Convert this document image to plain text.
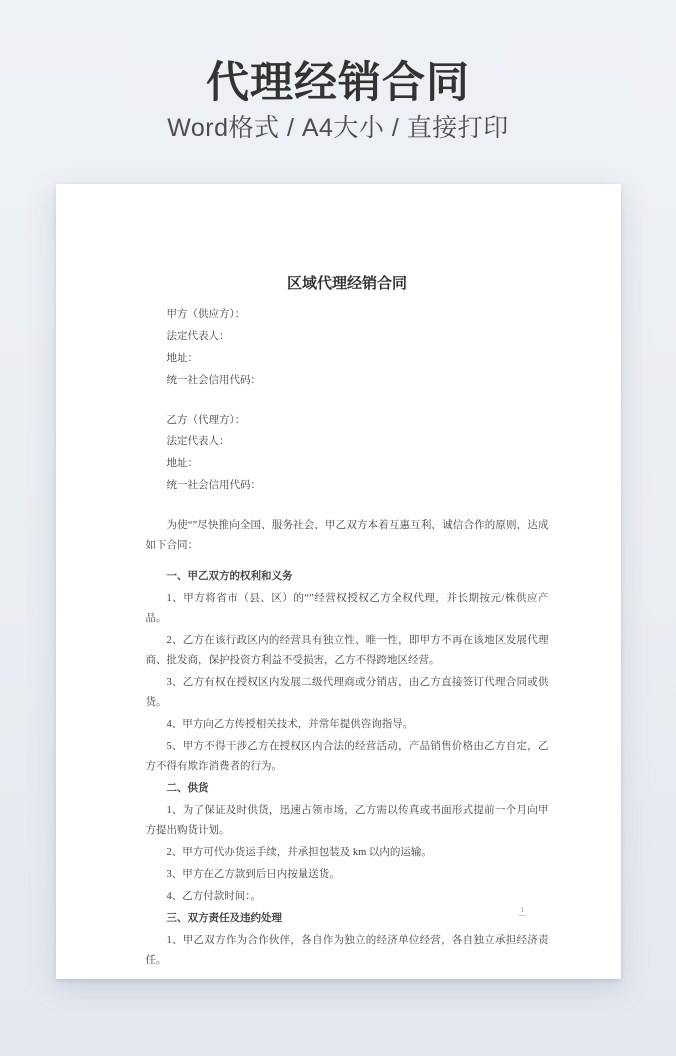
代理经销合同
Word格式 / A4大小 / 直接打印
区域代理经销合同

甲方（供应方）：

法定代表人：

地址：

统一社会信用代码：

乙方（代理方）：

法定代表人：

地址：

统一社会信用代码：

为使“”尽快推向全国、服务社会，甲乙双方本着互惠互利，诚信合作的原则，达成如下合同：

一、甲乙双方的权利和义务

1、甲方将省市（县、区）的“”经营权授权乙方全权代理，并长期按元/株供应产品。

2、乙方在该行政区内的经营具有独立性、唯一性，即甲方不再在该地区发展代理商、批发商，保护投资方利益不受损害，乙方不得跨地区经营。

3、乙方有权在授权区内发展二级代理商或分销店，由乙方直接签订代理合同或供货。

4、甲方向乙方传授相关技术，并常年提供咨询指导。

5、甲方不得干涉乙方在授权区内合法的经营活动，产品销售价格由乙方自定，乙方不得有欺诈消费者的行为。

二、供货

1、为了保证及时供货，迅速占领市场，乙方需以传真或书面形式提前一个月向甲方提出购货计划。

2、甲方可代办货运手续，并承担包装及 km 以内的运输。

3、甲方在乙方款到后日内按量送货。

4、乙方付款时间：。

三、双方责任及违约处理

1、甲乙双方作为合作伙伴，各自作为独立的经济单位经营，各自独立承担经济责任。

1
